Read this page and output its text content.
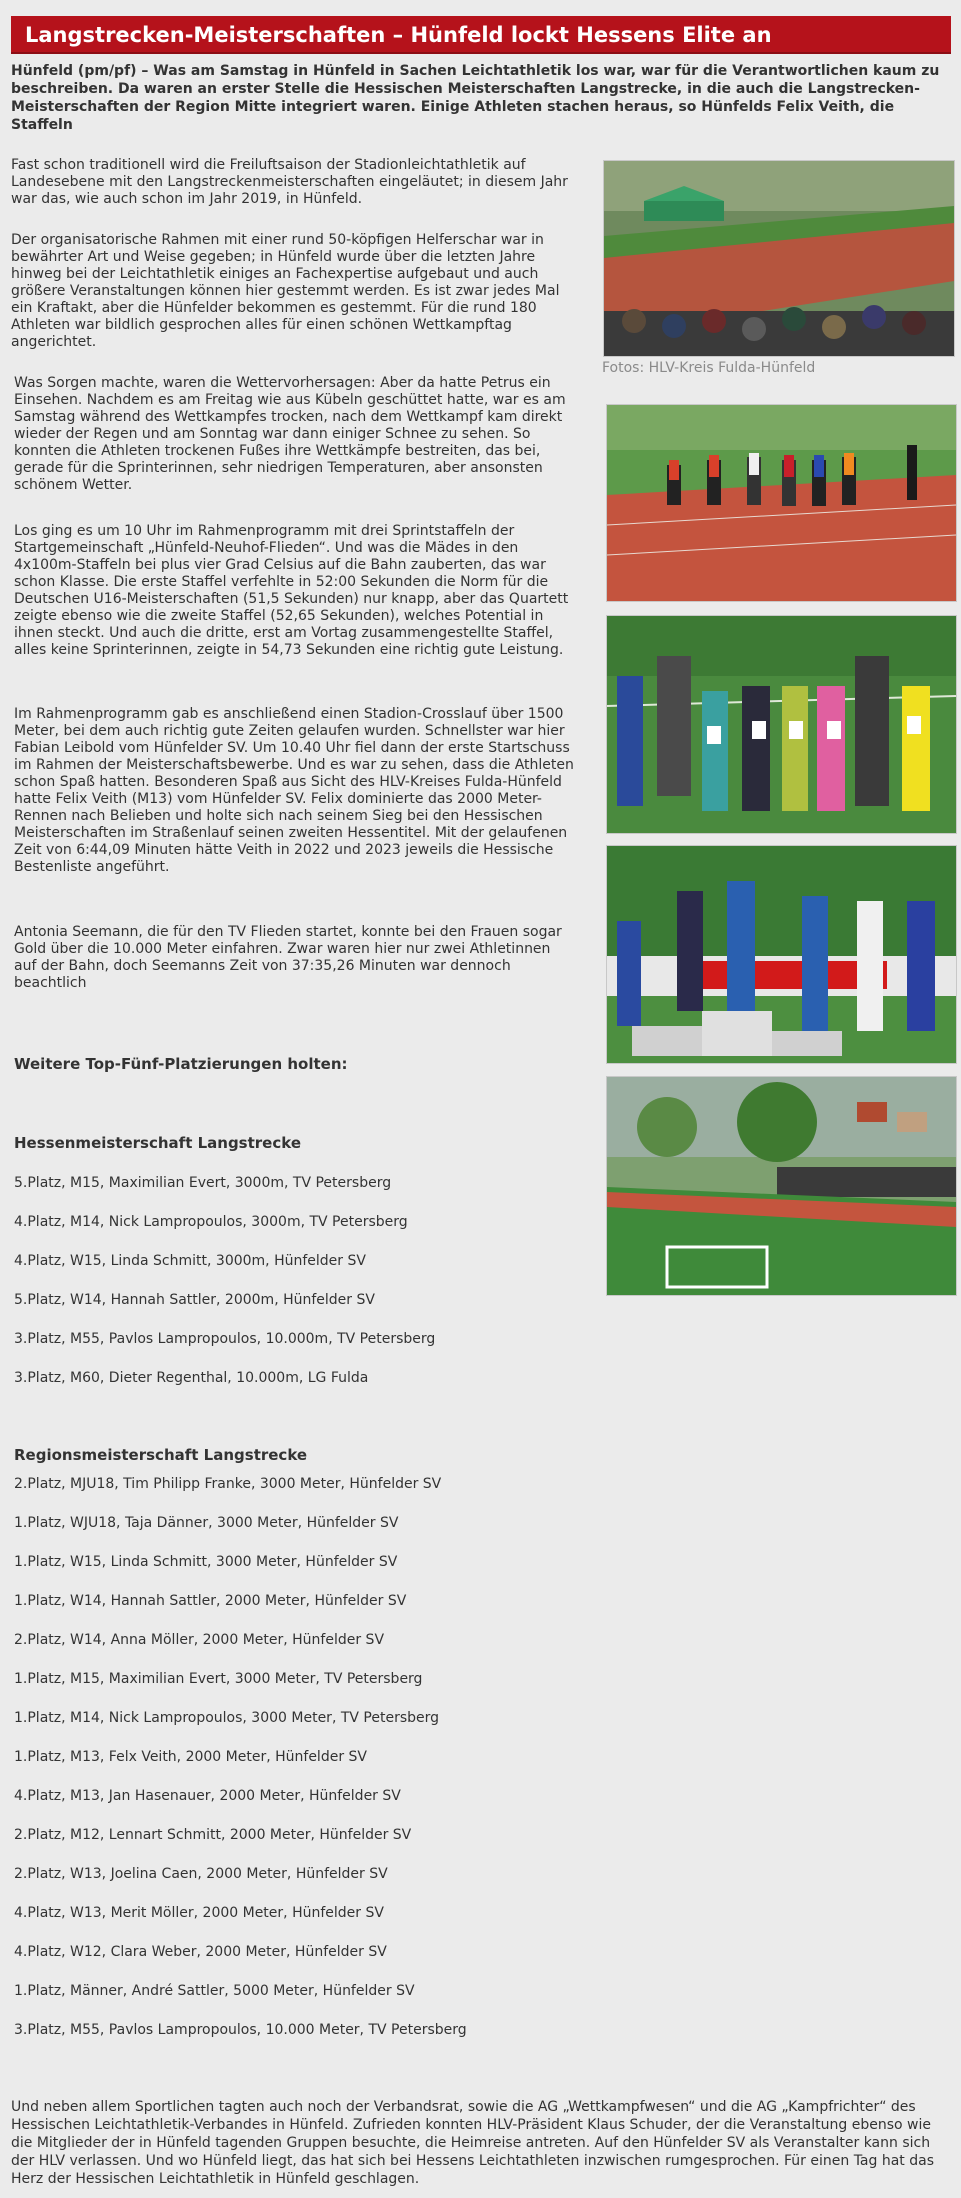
Langstrecken-Meisterschaften – Hünfeld lockt Hessens Elite an
Hünfeld (pm/pf) – Was am Samstag in Hünfeld in Sachen Leichtathletik los war, war für die Verantwortlichen kaum zu beschreiben. Da waren an erster Stelle die Hessischen Meisterschaften Langstrecke, in die auch die Langstrecken-Meisterschaften der Region Mitte integriert waren. Einige Athleten stachen heraus, so Hünfelds Felix Veith, die Staffeln

Fast schon traditionell wird die Freiluftsaison der Stadionleichtathletik auf Landesebene mit den Langstreckenmeisterschaften eingeläutet; in diesem Jahr war das, wie auch schon im Jahr 2019, in Hünfeld.

Der organisatorische Rahmen mit einer rund 50-köpfigen Helferschar war in bewährter Art und Weise gegeben; in Hünfeld wurde über die letzten Jahre hinweg bei der Leichtathletik einiges an Fachexpertise aufgebaut und auch größere Veranstaltungen können hier gestemmt werden. Es ist zwar jedes Mal ein Kraftakt, aber die Hünfelder bekommen es gestemmt. Für die rund 180 Athleten war bildlich gesprochen alles für einen schönen Wettkampftag angerichtet.

Was Sorgen machte, waren die Wettervorhersagen: Aber da hatte Petrus ein Einsehen. Nachdem es am Freitag wie aus Kübeln geschüttet hatte, war es am Samstag während des Wettkampfes trocken, nach dem Wettkampf kam direkt wieder der Regen und am Sonntag war dann einiger Schnee zu sehen. So konnten die Athleten trockenen Fußes ihre Wettkämpfe bestreiten, das bei, gerade für die Sprinterinnen, sehr niedrigen Temperaturen, aber ansonsten schönem Wetter.

Los ging es um 10 Uhr im Rahmenprogramm mit drei Sprintstaffeln der Startgemeinschaft „Hünfeld-Neuhof-Flieden“. Und was die Mädes in den 4x100m-Staffeln bei plus vier Grad Celsius auf die Bahn zauberten, das war schon Klasse. Die erste Staffel verfehlte in 52:00 Sekunden die Norm für die Deutschen U16-Meisterschaften (51,5 Sekunden) nur knapp, aber das Quartett zeigte ebenso wie die zweite Staffel (52,65 Sekunden), welches Potential in ihnen steckt. Und auch die dritte, erst am Vortag zusammengestellte Staffel, alles keine Sprinterinnen, zeigte in 54,73 Sekunden eine richtig gute Leistung.

Im Rahmenprogramm gab es anschließend einen Stadion-Crosslauf über 1500 Meter, bei dem auch richtig gute Zeiten gelaufen wurden. Schnellster war hier Fabian Leibold vom Hünfelder SV. Um 10.40 Uhr fiel dann der erste Startschuss im Rahmen der Meisterschaftsbewerbe. Und es war zu sehen, dass die Athleten schon Spaß hatten. Besonderen Spaß aus Sicht des HLV-Kreises Fulda-Hünfeld hatte Felix Veith (M13) vom Hünfelder SV. Felix dominierte das 2000 Meter-Rennen nach Belieben und holte sich nach seinem Sieg bei den Hessischen Meisterschaften im Straßenlauf seinen zweiten Hessentitel. Mit der gelaufenen Zeit von 6:44,09 Minuten hätte Veith in 2022 und 2023 jeweils die Hessische Bestenliste angeführt.

Antonia Seemann, die für den TV Flieden startet, konnte bei den Frauen sogar Gold über die 10.000 Meter einfahren. Zwar waren hier nur zwei Athletinnen auf der Bahn, doch Seemanns Zeit von 37:35,26 Minuten war dennoch beachtlich

Weitere Top-Fünf-Platzierungen holten:
Hessenmeisterschaft Langstrecke
5.Platz, M15, Maximilian Evert, 3000m, TV Petersberg
4.Platz, M14, Nick Lampropoulos, 3000m, TV Petersberg
4.Platz, W15, Linda Schmitt, 3000m, Hünfelder SV
5.Platz, W14, Hannah Sattler, 2000m, Hünfelder SV
3.Platz, M55, Pavlos Lampropoulos, 10.000m, TV Petersberg
3.Platz, M60, Dieter Regenthal, 10.000m, LG Fulda
Regionsmeisterschaft Langstrecke
2.Platz, MJU18, Tim Philipp Franke, 3000 Meter, Hünfelder SV
1.Platz, WJU18, Taja Dänner, 3000 Meter, Hünfelder SV
1.Platz, W15, Linda Schmitt, 3000 Meter, Hünfelder SV
1.Platz, W14, Hannah Sattler, 2000 Meter, Hünfelder SV
2.Platz, W14, Anna Möller, 2000 Meter, Hünfelder SV
1.Platz, M15, Maximilian Evert, 3000 Meter, TV Petersberg
1.Platz, M14, Nick Lampropoulos, 3000 Meter, TV Petersberg
1.Platz, M13, Felx Veith, 2000 Meter, Hünfelder SV
4.Platz, M13, Jan Hasenauer, 2000 Meter, Hünfelder SV
2.Platz, M12, Lennart Schmitt, 2000 Meter, Hünfelder SV
2.Platz, W13, Joelina Caen, 2000 Meter, Hünfelder SV
4.Platz, W13, Merit Möller, 2000 Meter, Hünfelder SV
4.Platz, W12, Clara Weber, 2000 Meter, Hünfelder SV
1.Platz, Männer, André Sattler, 5000 Meter, Hünfelder SV
3.Platz, M55, Pavlos Lampropoulos, 10.000 Meter, TV Petersberg
Fotos: HLV-Kreis Fulda-Hünfeld
Und neben allem Sportlichen tagten auch noch der Verbandsrat, sowie die AG „Wettkampfwesen“ und die AG „Kampfrichter“ des Hessischen Leichtathletik-Verbandes in Hünfeld. Zufrieden konnten HLV-Präsident Klaus Schuder, der die Veranstaltung ebenso wie die Mitglieder der in Hünfeld tagenden Gruppen besuchte, die Heimreise antreten. Auf den Hünfelder SV als Veranstalter kann sich der HLV verlassen. Und wo Hünfeld liegt, das hat sich bei Hessens Leichtathleten inzwischen rumgesprochen. Für einen Tag hat das Herz der Hessischen Leichtathletik in Hünfeld geschlagen.
